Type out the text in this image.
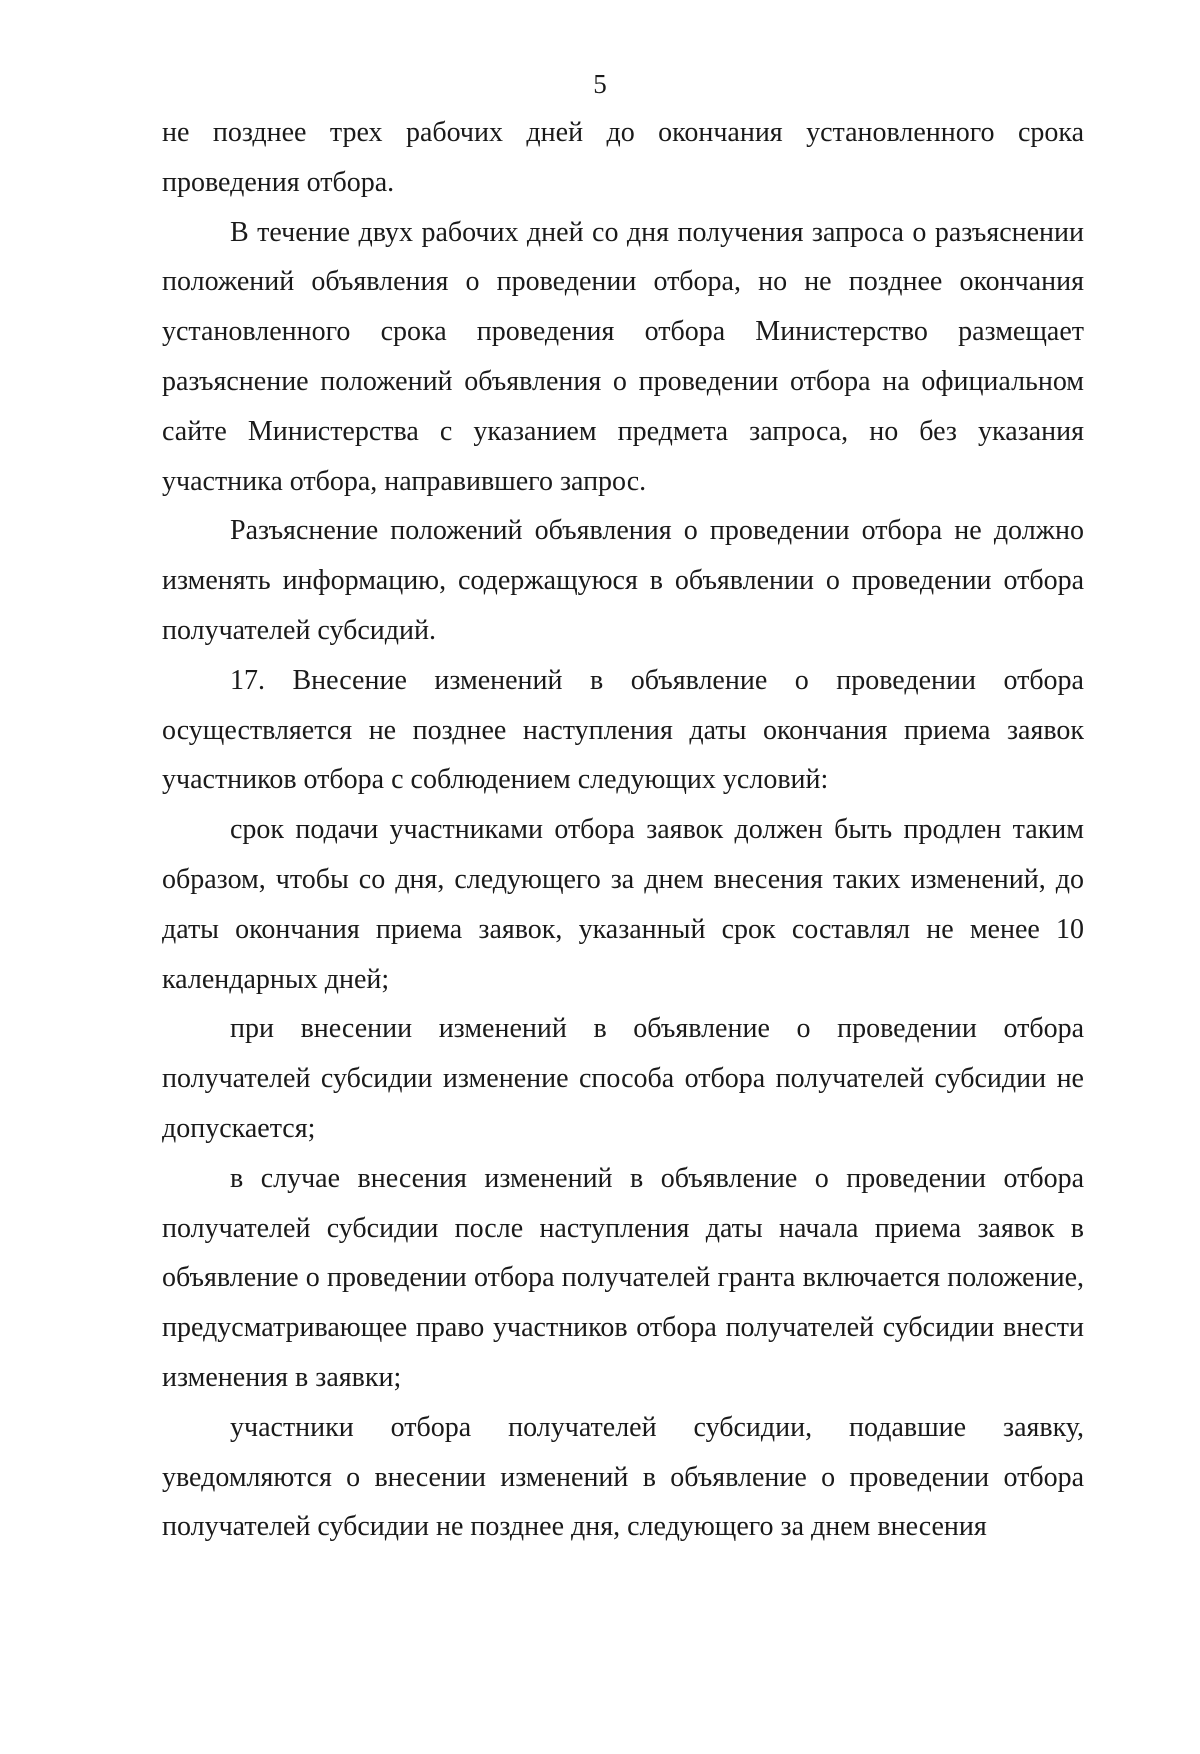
5

не позднее трех рабочих дней до окончания установленного срока проведения отбора.

В течение двух рабочих дней со дня получения запроса о разъяснении положений объявления о проведении отбора, но не позднее окончания установленного срока проведения отбора Министерство размещает разъяснение положений объявления о проведении отбора на официальном сайте Министерства с указанием предмета запроса, но без указания участника отбора, направившего запрос.

Разъяснение положений объявления о проведении отбора не должно изменять информацию, содержащуюся в объявлении о проведении отбора получателей субсидий.

17. Внесение изменений в объявление о проведении отбора осуществляется не позднее наступления даты окончания приема заявок участников отбора с соблюдением следующих условий:

срок подачи участниками отбора заявок должен быть продлен таким образом, чтобы со дня, следующего за днем внесения таких изменений, до даты окончания приема заявок, указанный срок составлял не менее 10 календарных дней;

при внесении изменений в объявление о проведении отбора получателей субсидии изменение способа отбора получателей субсидии не допускается;

в случае внесения изменений в объявление о проведении отбора получателей субсидии после наступления даты начала приема заявок в объявление о проведении отбора получателей гранта включается положение, предусматривающее право участников отбора получателей субсидии внести изменения в заявки;

участники отбора получателей субсидии, подавшие заявку, уведомляются о внесении изменений в объявление о проведении отбора получателей субсидии не позднее дня, следующего за днем внесения
